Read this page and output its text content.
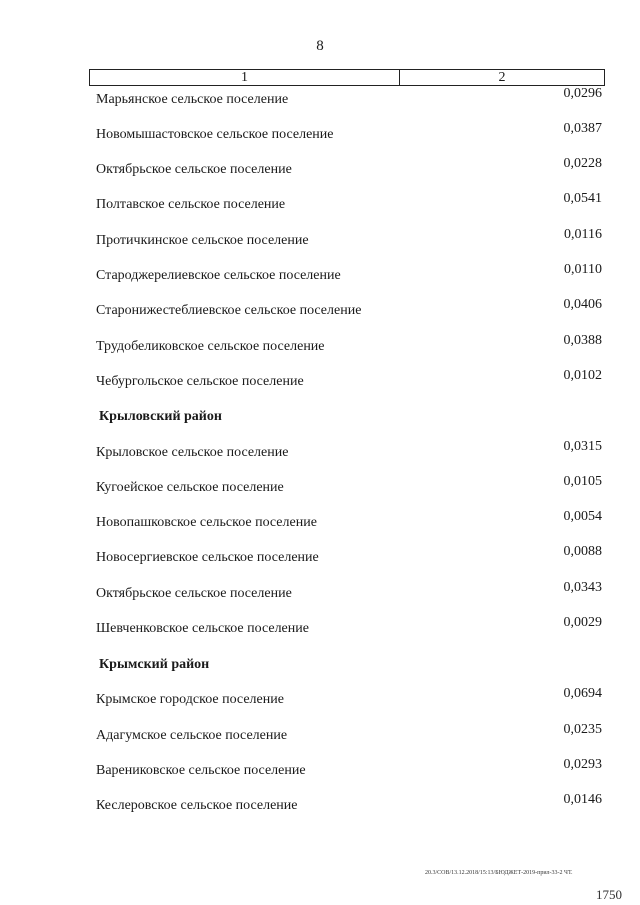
8
1	2
Марьянское сельское поселение	0,0296
Новомышастовское сельское поселение	0,0387
Октябрьское сельское поселение	0,0228
Полтавское сельское поселение	0,0541
Протичкинское сельское поселение	0,0116
Староджерелиевское сельское поселение	0,0110
Старонижестеблиевское сельское поселение	0,0406
Трудобеликовское сельское поселение	0,0388
Чебургольское сельское поселение	0,0102
Крыловский район
Крыловское сельское поселение	0,0315
Кугоейское сельское поселение	0,0105
Новопашковское сельское поселение	0,0054
Новосергиевское сельское поселение	0,0088
Октябрьское сельское поселение	0,0343
Шевченковское сельское поселение	0,0029
Крымский район
Крымское городское поселение	0,0694
Адагумское сельское поселение	0,0235
Варениковское сельское поселение	0,0293
Кеслеровское сельское поселение	0,0146
20.3/СОВ/13.12.2018/15:13/БЮДЖЕТ-2019-прил-33-2 ЧТ.
1750
